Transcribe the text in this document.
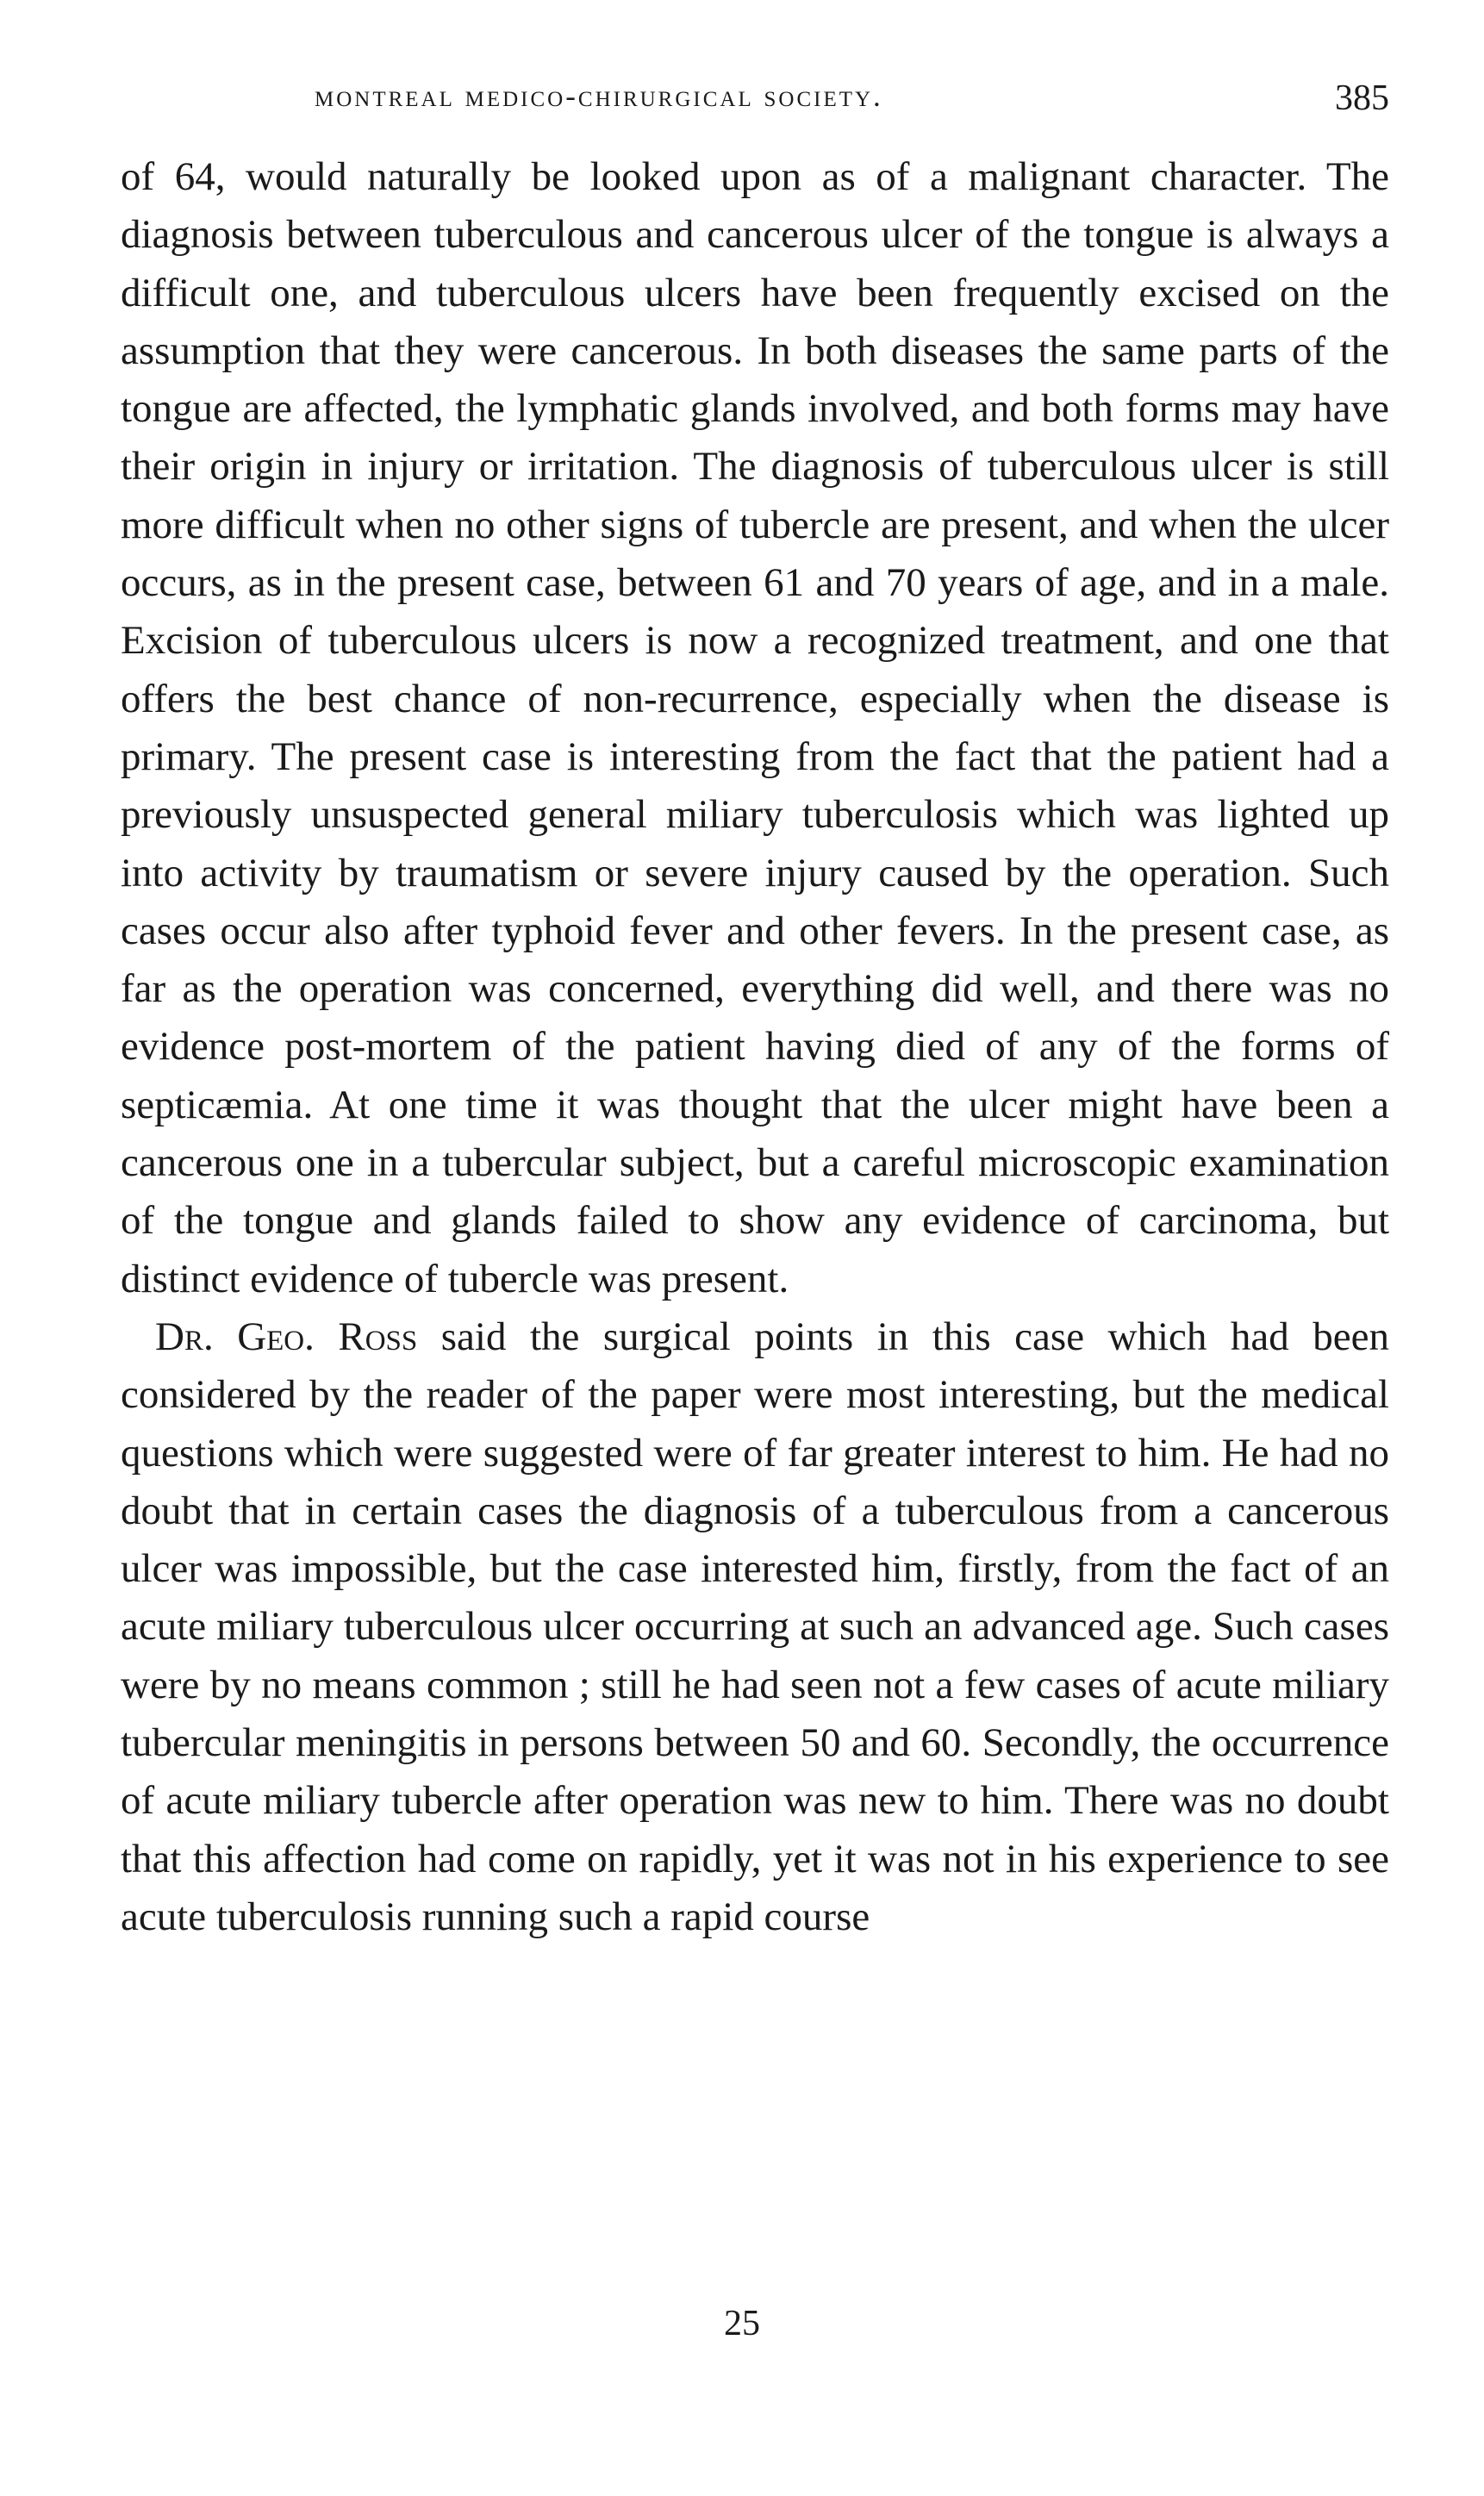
montreal medico-chirurgical society.	385

of 64, would naturally be looked upon as of a malignant character. The diagnosis between tuberculous and cancerous ulcer of the tongue is always a difficult one, and tuberculous ulcers have been frequently excised on the assumption that they were cancerous. In both diseases the same parts of the tongue are affected, the lymphatic glands involved, and both forms may have their origin in injury or irritation. The diagnosis of tuberculous ulcer is still more difficult when no other signs of tubercle are present, and when the ulcer occurs, as in the present case, between 61 and 70 years of age, and in a male. Excision of tuberculous ulcers is now a recognized treatment, and one that offers the best chance of non-recurrence, especially when the disease is primary. The present case is interesting from the fact that the patient had a previously unsuspected general miliary tuberculosis which was lighted up into activity by traumatism or severe injury caused by the operation. Such cases occur also after typhoid fever and other fevers. In the present case, as far as the operation was concerned, everything did well, and there was no evidence post-mortem of the patient having died of any of the forms of septicæmia. At one time it was thought that the ulcer might have been a cancerous one in a tubercular subject, but a careful microscopic examination of the tongue and glands failed to show any evidence of carcinoma, but distinct evidence of tubercle was present.

Dr. Geo. Ross said the surgical points in this case which had been considered by the reader of the paper were most interesting, but the medical questions which were suggested were of far greater interest to him. He had no doubt that in certain cases the diagnosis of a tuberculous from a cancerous ulcer was impossible, but the case interested him, firstly, from the fact of an acute miliary tuberculous ulcer occurring at such an advanced age. Such cases were by no means common ; still he had seen not a few cases of acute miliary tubercular meningitis in persons between 50 and 60. Secondly, the occurrence of acute miliary tubercle after operation was new to him. There was no doubt that this affection had come on rapidly, yet it was not in his experience to see acute tuberculosis running such a rapid course

25
